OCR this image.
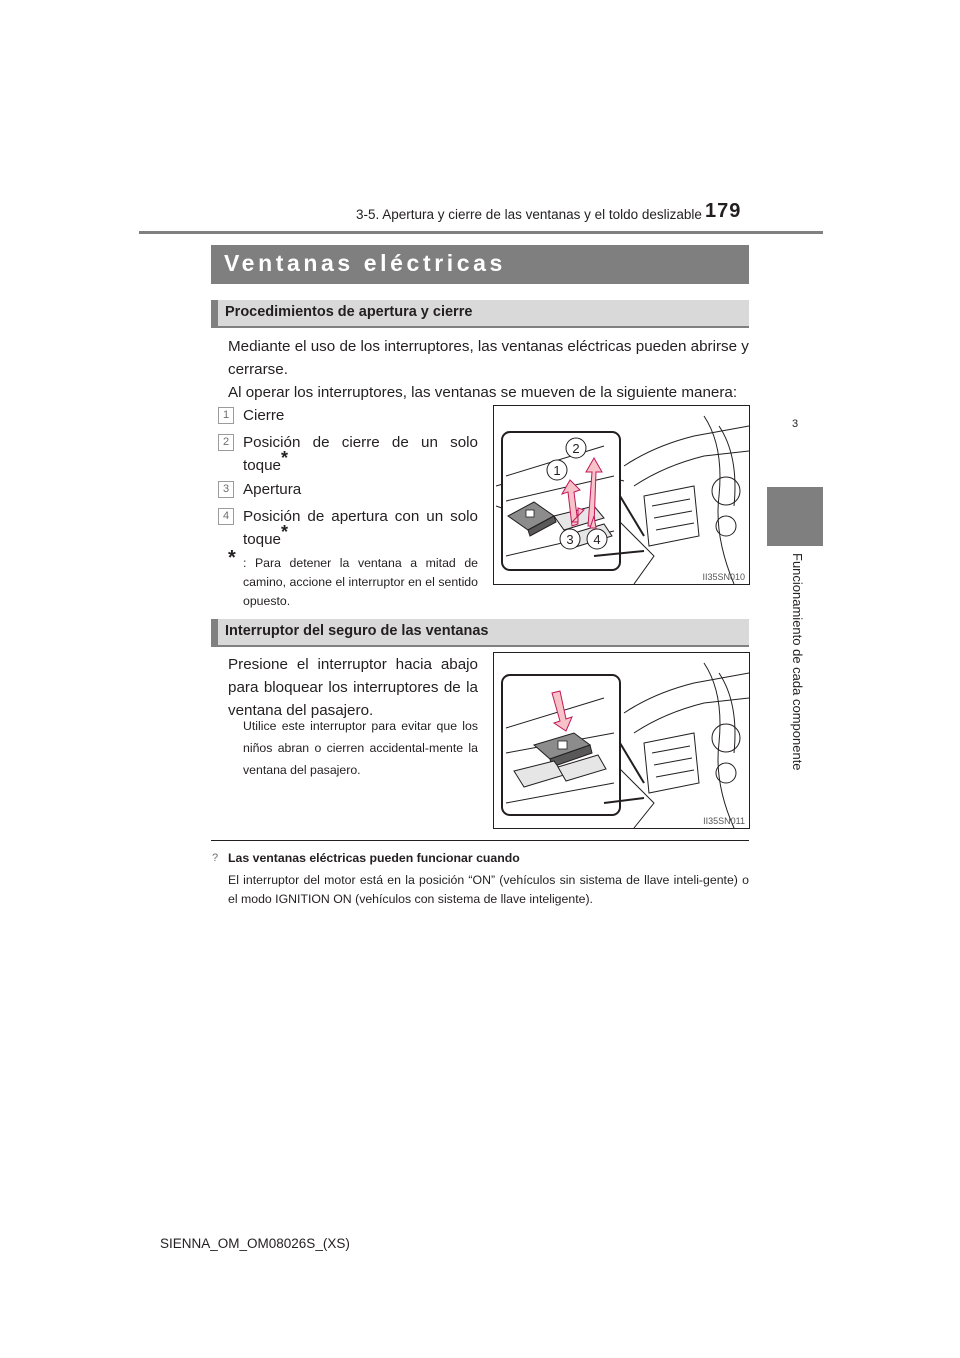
3-5. Apertura y cierre de las ventanas y el toldo deslizable 179
3
Funcionamiento de cada componente
Ventanas eléctricas
Procedimientos de apertura y cierre
Mediante el uso de los interruptores, las ventanas eléctricas pueden abrirse y cerrarse.
Al operar los interruptores, las ventanas se mueven de la siguiente manera:
1 Cierre
2 Posición de cierre de un solo toque*
3 Apertura
4 Posición de apertura con un solo toque*
* : Para detener la ventana a mitad de camino, accione el interruptor en el sentido opuesto.
1
2
3 4
II35SN010
Interruptor del seguro de las ventanas
Presione el interruptor hacia abajo para bloquear los interruptores de la ventana del pasajero.
Utilice este interruptor para evitar que los niños abran o cierren accidental-mente la ventana del pasajero.
II35SN011
? Las ventanas eléctricas pueden funcionar cuando
El interruptor del motor está en la posición “ON” (vehículos sin sistema de llave inteli-gente) o el modo IGNITION ON (vehículos con sistema de llave inteligente).
SIENNA_OM_OM08026S_(XS)
